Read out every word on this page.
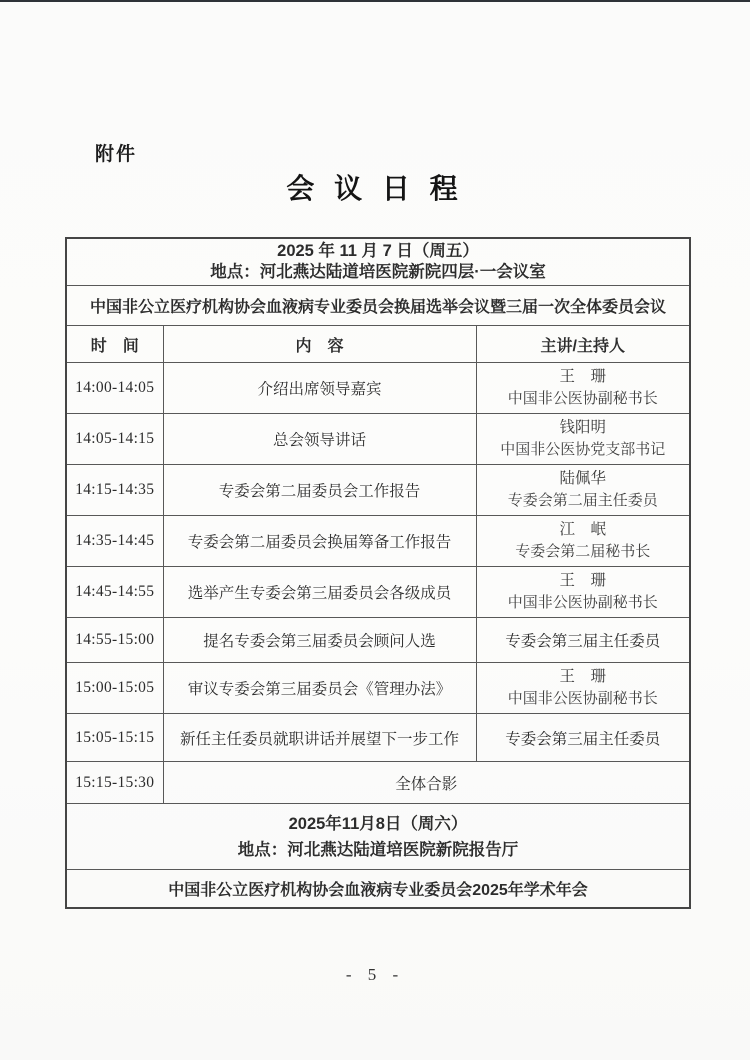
附件
会 议 日 程
2025 年 11 月 7 日（周五）
地点：河北燕达陆道培医院新院四层·一会议室		

中国非公立医疗机构协会血液病专业委员会换届选举会议暨三届一次全体委员会议		
时　间	内　容	主讲/主持人
14:00-14:05	介绍出席领导嘉宾	王　珊
中国非公医协副秘书长

14:05-14:15	总会领导讲话	钱阳明
中国非公医协党支部书记

14:15-14:35	专委会第二届委员会工作报告	陆佩华
专委会第二届主任委员

14:35-14:45	专委会第二届委员会换届筹备工作报告	江　岷
专委会第二届秘书长

14:45-14:55	选举产生专委会第三届委员会各级成员	王　珊
中国非公医协副秘书长

14:55-15:00	提名专委会第三届委员会顾问人选	专委会第三届主任委员
15:00-15:05	审议专委会第三届委员会《管理办法》	王　珊
中国非公医协副秘书长

15:05-15:15	新任主任委员就职讲话并展望下一步工作	专委会第三届主任委员
15:15-15:30	全体合影	

2025年11月8日（周六）
地点：河北燕达陆道培医院新院报告厅		

中国非公立医疗机构协会血液病专业委员会2025年学术年会		
- 5 -
